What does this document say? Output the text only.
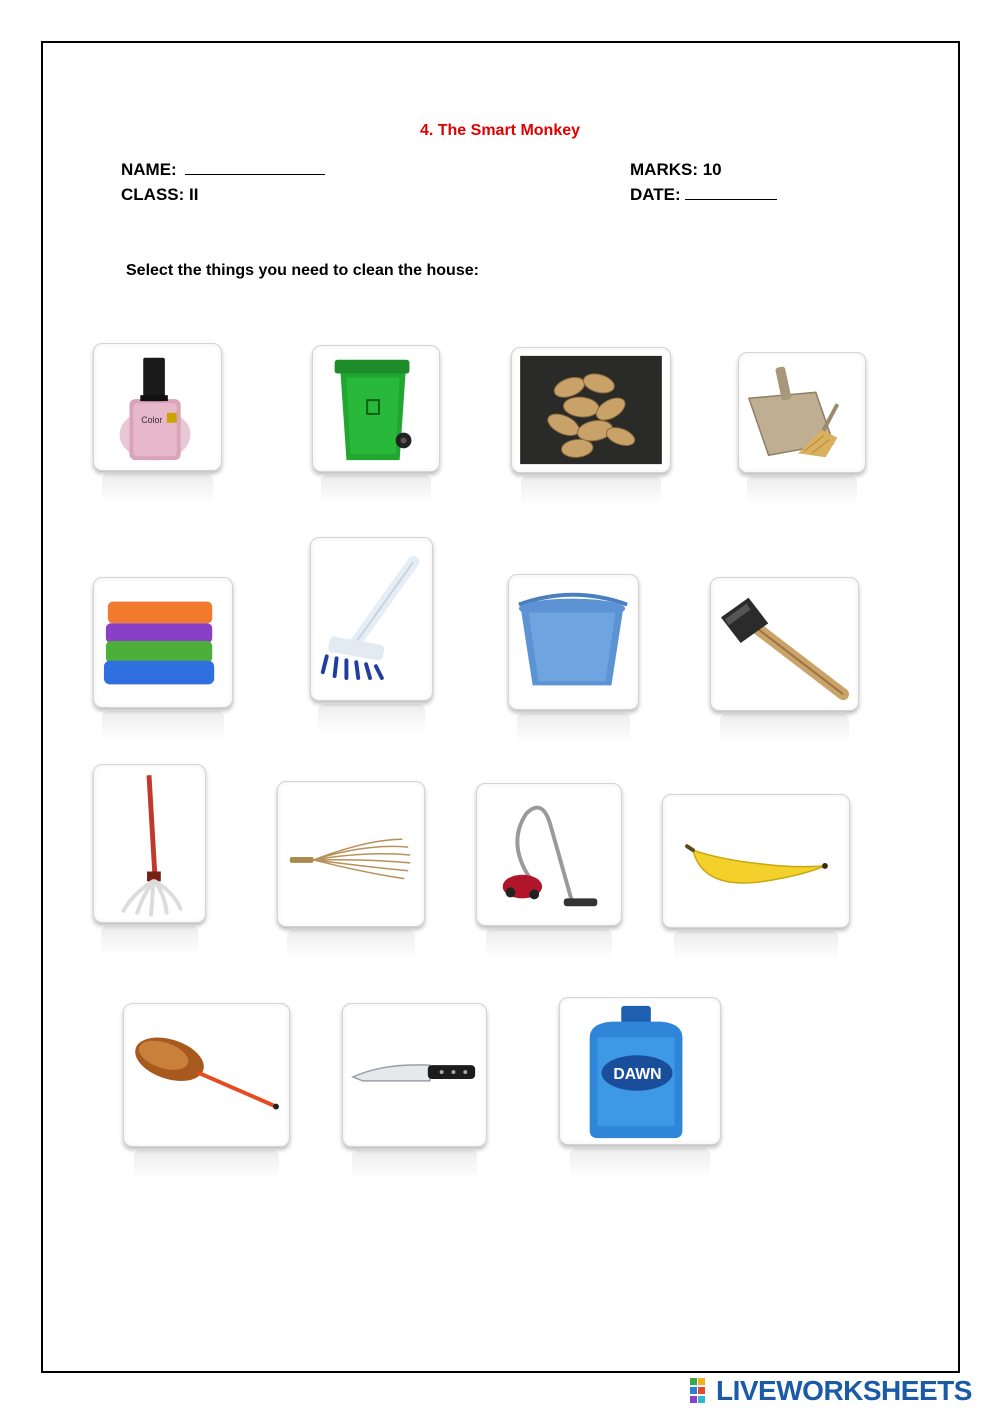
4. The Smart Monkey
NAME:
CLASS: II
MARKS: 10
DATE:
Select the things you need to clean the house:
Color
DAWN
LIVEWORKSHEETS
